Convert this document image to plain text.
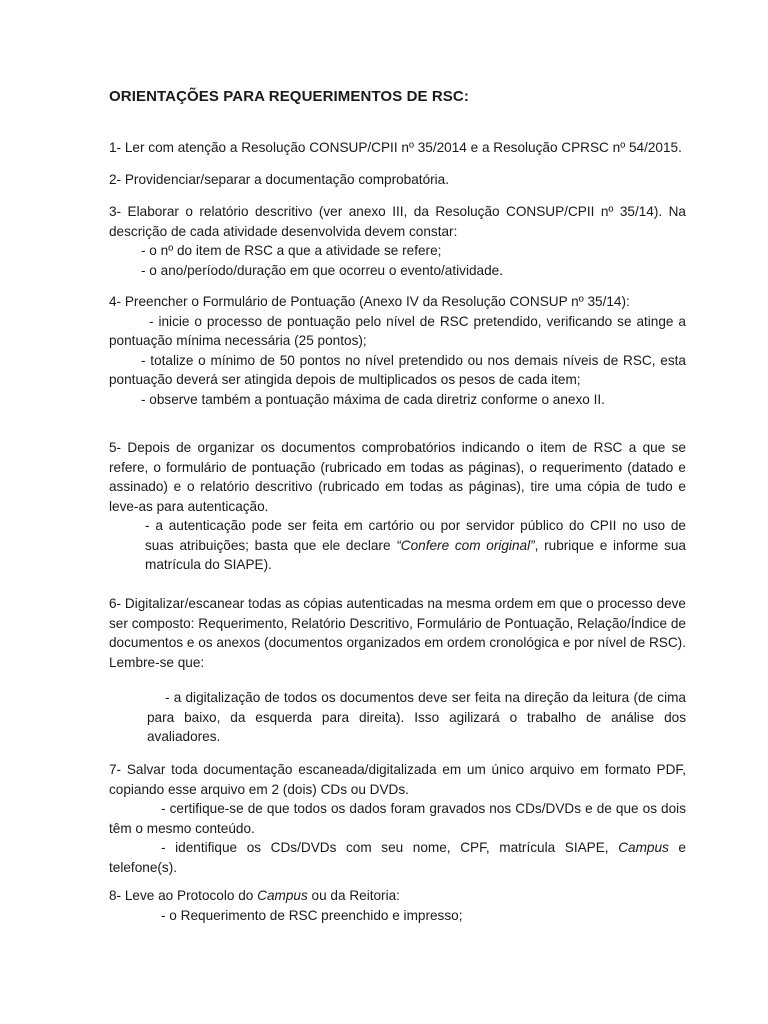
ORIENTAÇÕES PARA REQUERIMENTOS DE RSC:

1- Ler com atenção a Resolução CONSUP/CPII nº 35/2014 e a Resolução CPRSC nº 54/2015.

2- Providenciar/separar a documentação comprobatória.

3- Elaborar o relatório descritivo (ver anexo III, da Resolução CONSUP/CPII nº 35/14). Na descrição de cada atividade desenvolvida devem constar:

- o nº do item de RSC a que a atividade se refere;

- o ano/período/duração em que ocorreu o evento/atividade.

4- Preencher o Formulário de Pontuação (Anexo IV da Resolução CONSUP nº 35/14):

- inicie o processo de pontuação pelo nível de RSC pretendido, verificando se atinge a pontuação mínima necessária (25 pontos);

- totalize o mínimo de 50 pontos no nível pretendido ou nos demais níveis de RSC, esta pontuação deverá ser atingida depois de multiplicados os pesos de cada item;

- observe também a pontuação máxima de cada diretriz conforme o anexo II.

5- Depois de organizar os documentos comprobatórios indicando o item de RSC a que se refere, o formulário de pontuação (rubricado em todas as páginas), o requerimento (datado e assinado) e o relatório descritivo (rubricado em todas as páginas), tire uma cópia de tudo e leve-as para autenticação.

- a autenticação pode ser feita em cartório ou por servidor público do CPII no uso de suas atribuições; basta que ele declare “Confere com original”, rubrique e informe sua matrícula do SIAPE).

6- Digitalizar/escanear todas as cópias autenticadas na mesma ordem em que o processo deve ser composto: Requerimento, Relatório Descritivo, Formulário de Pontuação, Relação/Índice de documentos e os anexos (documentos organizados em ordem cronológica e por nível de RSC). Lembre-se que:

- a digitalização de todos os documentos deve ser feita na direção da leitura (de cima para baixo, da esquerda para direita). Isso agilizará o trabalho de análise dos avaliadores.

7- Salvar toda documentação escaneada/digitalizada em um único arquivo em formato PDF, copiando esse arquivo em 2 (dois) CDs ou DVDs.

- certifique-se de que todos os dados foram gravados nos CDs/DVDs e de que os dois têm o mesmo conteúdo.

- identifique os CDs/DVDs com seu nome, CPF, matrícula SIAPE, Campus e telefone(s).

8- Leve ao Protocolo do Campus ou da Reitoria:

- o Requerimento de RSC preenchido e impresso;
